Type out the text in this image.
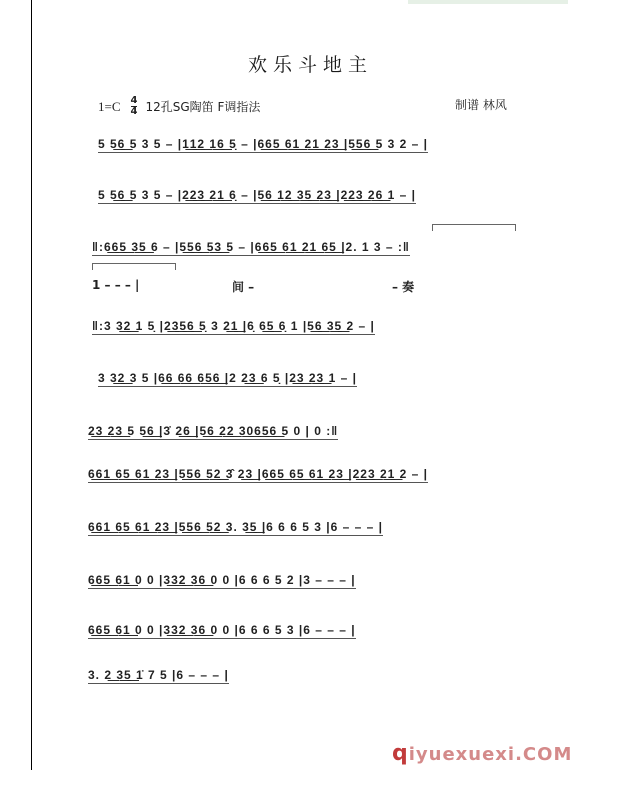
欢乐斗地主
1=C 4
4 12孔SG陶笛 F调指法	制谱 林风
5 5͟6͟ 5 3 5 – |1͟1͟2͟ 1͟6͟ 5̣ – |6͟6͟5͟ 6͟1͟ 2͟1͟ 2͟3͟ |5͟5͟6͟ 5 3 2 – |
5 5͟6͟ 5 3 5 – |2͟2͟3͟ 2͟1͟ 6̣ – |5͟6͟ 1͟2͟ 3͟5͟ 2͟3͟ |2͟2͟3͟ 2͟6͟ 1 – |
‖:6͟6͟5͟ 3͟5͟ 6 – |5͟5͟6͟ 5͟3͟ 5 – |6͟6͟5͟ 6͟1͟ 2͟1͟ 6͟5͟ |2. 1 3 – :‖
1 – – – |	间 –	– 奏
‖:3 3͟2͟ 1 5̣ |2͟3͟5͟6͟ 5̣ 3 2͟1͟ |6̣ 6͟5͟ 6̣ 1 |5͟6͟ 3͟5͟ 2 – |
3 3͟2͟ 3 5 |6͟6͟ 6͟6͟ 6͟5͟6͟ |2 2͟3͟ 6 5̣ |2͟3͟ 2͟3͟ 1 – |
2͟3͟ 2͟3͟ 5 5͟6͟ |3̇ 2͟6͟ |5͟6͟ 2͟2͟ 3͟0͟6͟5͟6͟ 5 0 | 0 :‖
6͟6͟1͟ 6͟5͟ 6͟1͟ 2͟3͟ |5͟5͟6͟ 5͟2͟ 3̂ 2͟3͟ |6͟6͟5͟ 6͟5͟ 6͟1͟ 2͟3͟ |2͟2͟3͟ 2͟1͟ 2 – |
6͟6͟1͟ 6͟5͟ 6͟1͟ 2͟3͟ |5͟5͟6͟ 5͟2͟ 3. 3͟5͟ |6 6 6 5 3 |6 – – – |
6͟6͟5͟ 6͟1͟ 0 0 |3͟3͟2͟ 3͟6͟ 0 0 |6 6 6 5 2 |3 – – – |
6͟6͟5͟ 6͟1͟ 0 0 |3͟3͟2͟ 3͟6͟ 0 0 |6 6 6 5 3 |6 – – – |
3. 2͟ 3͟5͟ 1̇ 7 5 |6 – – – |
qiyuexuexi.COM
